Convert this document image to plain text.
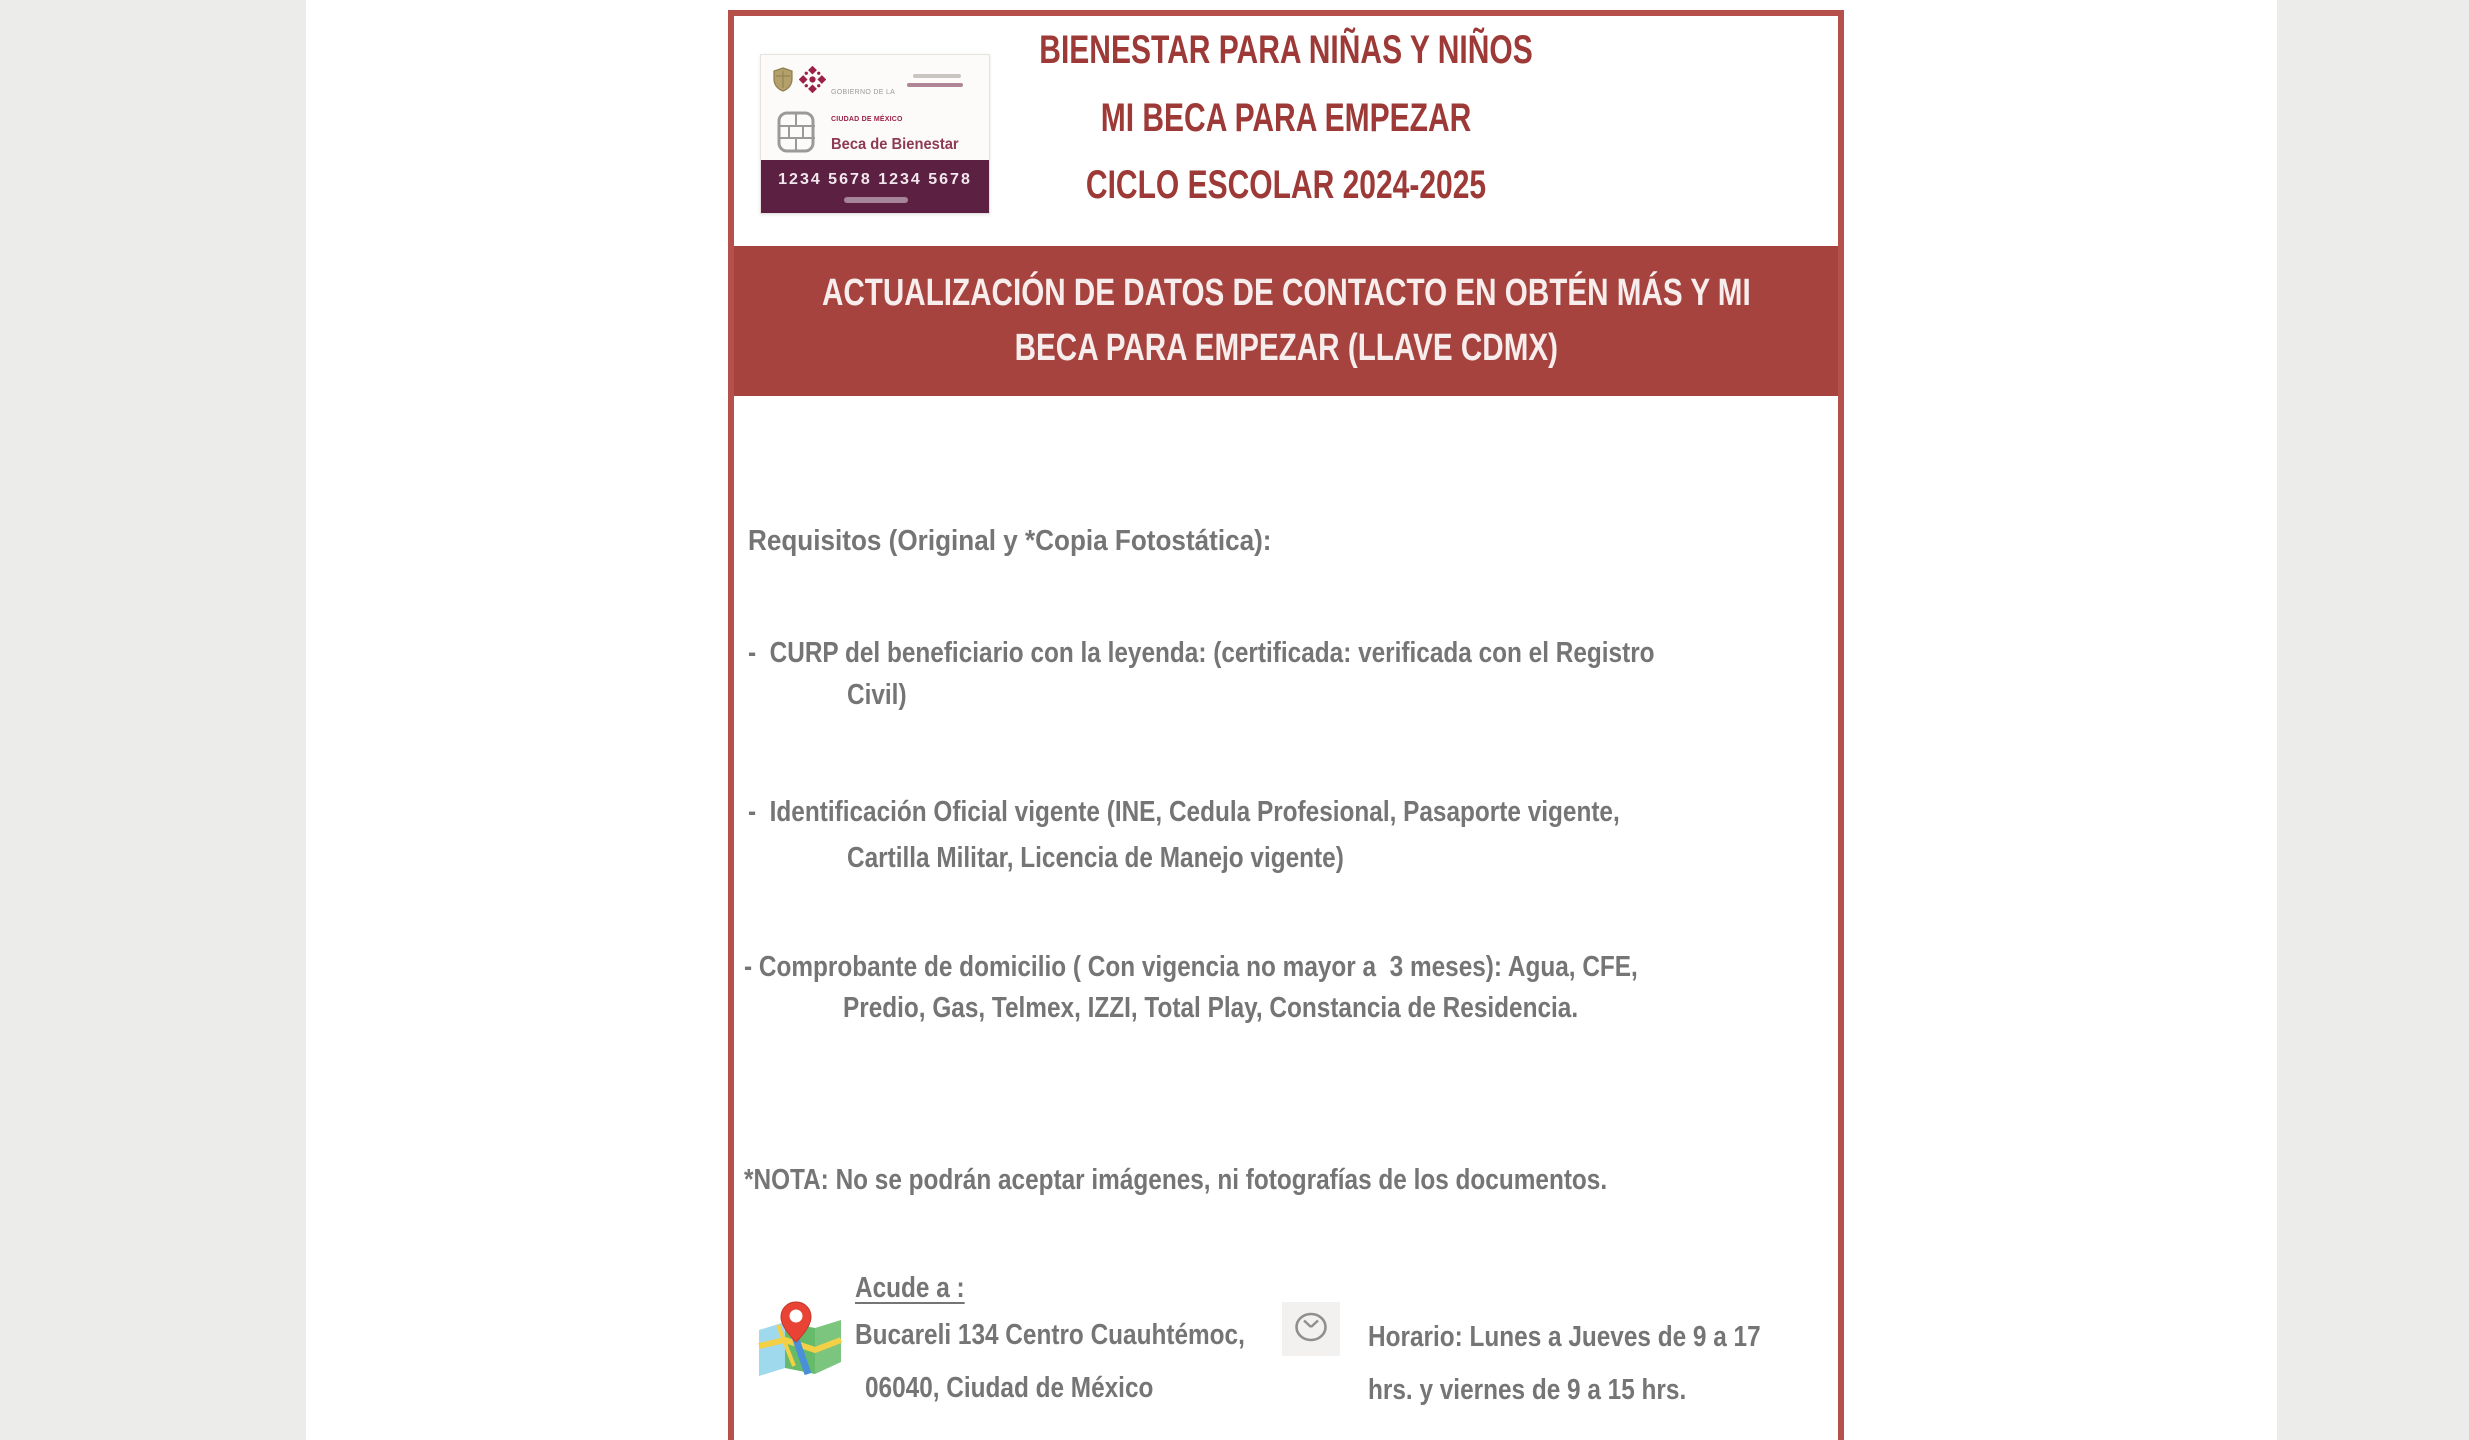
BIENESTAR PARA NIÑAS Y NIÑOS
MI BECA PARA EMPEZAR
CICLO ESCOLAR 2024-2025

GOBIERNO DE LA

CIUDAD DE MÉXICO

Beca de Bienestar

1234 5678 1234 5678
ACTUALIZACIÓN DE DATOS DE CONTACTO EN OBTÉN MÁS Y MI
BECA PARA EMPEZAR (LLAVE CDMX)
Requisitos (Original y *Copia Fotostática):
-  CURP del beneficiario con la leyenda: (certificada: verificada con el Registro
Civil)
-  Identificación Oficial vigente (INE, Cedula Profesional, Pasaporte vigente,
Cartilla Militar, Licencia de Manejo vigente)
- Comprobante de domicilio ( Con vigencia no mayor a  3 meses): Agua, CFE,
Predio, Gas, Telmex, IZZI, Total Play, Constancia de Residencia.
*NOTA: No se podrán aceptar imágenes, ni fotografías de los documentos.
Acude a :
Bucareli 134 Centro Cuauhtémoc,
06040, Ciudad de México
Horario: Lunes a Jueves de 9 a 17
hrs. y viernes de 9 a 15 hrs.
